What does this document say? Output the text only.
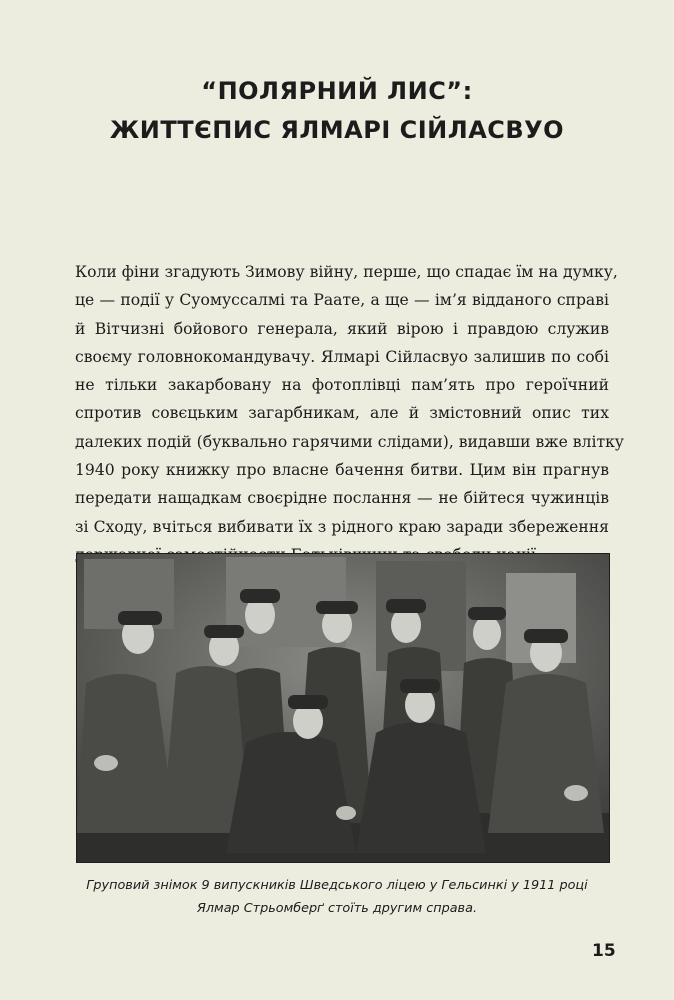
“ПОЛЯРНИЙ ЛИС”:
ЖИТТЄПИС ЯЛМАРІ СІЙЛАСВУО
Коли фіни згадують Зимову війну, перше, що спадає їм на думку,
це — події у Суомуссалмі та Раате, а ще — ім’я відданого справі
й Вітчизні бойового генерала, який вірою і правдою служив
своєму головнокомандувачу. Ялмарі Сійласвуо залишив по собі
не тільки закарбовану на фотоплівці пам’ять про героїчний
спротив совєцьким загарбникам, але й змістовний опис тих
далеких подій (буквально гарячими слідами), видавши вже влітку
1940 року книжку про власне бачення битви. Цим він прагнув
передати нащадкам своєрідне послання — не бійтеся чужинців
зі Сходу, вчіться вибивати їх з рідного краю заради збереження
Груповий знімок 9 випускників Шведського ліцею у Гельсинкі у 1911 році
Ялмар Стрьомберґ стоїть другим справа.
15
